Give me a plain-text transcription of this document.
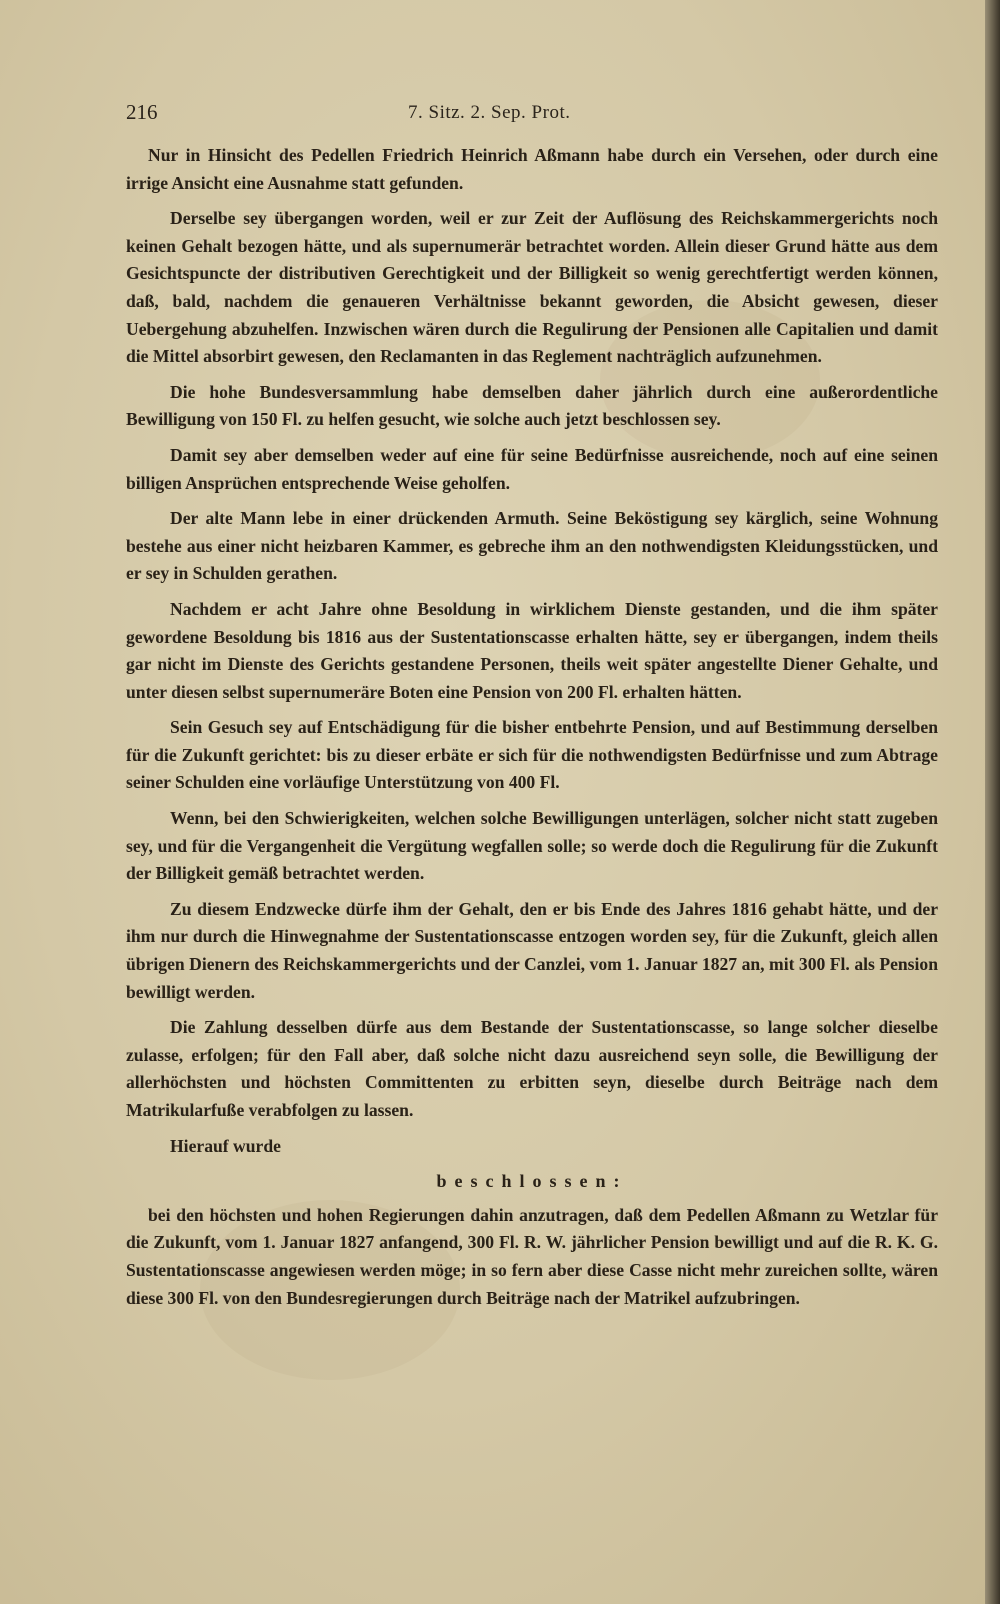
216	7. Sitz. 2. Sep. Prot.

Nur in Hinsicht des Pedellen Friedrich Heinrich Aßmann habe durch ein Versehen, oder durch eine irrige Ansicht eine Ausnahme statt gefunden.

Derselbe sey übergangen worden, weil er zur Zeit der Auflösung des Reichskammergerichts noch keinen Gehalt bezogen hätte, und als supernumerär betrachtet worden. Allein dieser Grund hätte aus dem Gesichtspuncte der distributiven Gerechtigkeit und der Billigkeit so wenig gerechtfertigt werden können, daß, bald, nachdem die genaueren Verhältnisse bekannt geworden, die Absicht gewesen, dieser Uebergehung abzuhelfen. Inzwischen wären durch die Regulirung der Pensionen alle Capitalien und damit die Mittel absorbirt gewesen, den Reclamanten in das Reglement nachträglich aufzunehmen.

Die hohe Bundesversammlung habe demselben daher jährlich durch eine außerordentliche Bewilligung von 150 Fl. zu helfen gesucht, wie solche auch jetzt beschlossen sey.

Damit sey aber demselben weder auf eine für seine Bedürfnisse ausreichende, noch auf eine seinen billigen Ansprüchen entsprechende Weise geholfen.

Der alte Mann lebe in einer drückenden Armuth. Seine Beköstigung sey kärglich, seine Wohnung bestehe aus einer nicht heizbaren Kammer, es gebreche ihm an den nothwendigsten Kleidungsstücken, und er sey in Schulden gerathen.

Nachdem er acht Jahre ohne Besoldung in wirklichem Dienste gestanden, und die ihm später gewordene Besoldung bis 1816 aus der Sustentationscasse erhalten hätte, sey er übergangen, indem theils gar nicht im Dienste des Gerichts gestandene Personen, theils weit später angestellte Diener Gehalte, und unter diesen selbst supernumeräre Boten eine Pension von 200 Fl. erhalten hätten.

Sein Gesuch sey auf Entschädigung für die bisher entbehrte Pension, und auf Bestimmung derselben für die Zukunft gerichtet: bis zu dieser erbäte er sich für die nothwendigsten Bedürfnisse und zum Abtrage seiner Schulden eine vorläufige Unterstützung von 400 Fl.

Wenn, bei den Schwierigkeiten, welchen solche Bewilligungen unterlägen, solcher nicht statt zugeben sey, und für die Vergangenheit die Vergütung wegfallen solle; so werde doch die Regulirung für die Zukunft der Billigkeit gemäß betrachtet werden.

Zu diesem Endzwecke dürfe ihm der Gehalt, den er bis Ende des Jahres 1816 gehabt hätte, und der ihm nur durch die Hinwegnahme der Sustentationscasse entzogen worden sey, für die Zukunft, gleich allen übrigen Dienern des Reichskammergerichts und der Canzlei, vom 1. Januar 1827 an, mit 300 Fl. als Pension bewilligt werden.

Die Zahlung desselben dürfe aus dem Bestande der Sustentationscasse, so lange solcher dieselbe zulasse, erfolgen; für den Fall aber, daß solche nicht dazu ausreichend seyn solle, die Bewilligung der allerhöchsten und höchsten Committenten zu erbitten seyn, dieselbe durch Beiträge nach dem Matrikularfuße verabfolgen zu lassen.

Hierauf wurde

beschlossen:

bei den höchsten und hohen Regierungen dahin anzutragen, daß dem Pedellen Aßmann zu Wetzlar für die Zukunft, vom 1. Januar 1827 anfangend, 300 Fl. R. W. jährlicher Pension bewilligt und auf die R. K. G. Sustentationscasse angewiesen werden möge; in so fern aber diese Casse nicht mehr zureichen sollte, wären diese 300 Fl. von den Bundesregierungen durch Beiträge nach der Matrikel aufzubringen.
